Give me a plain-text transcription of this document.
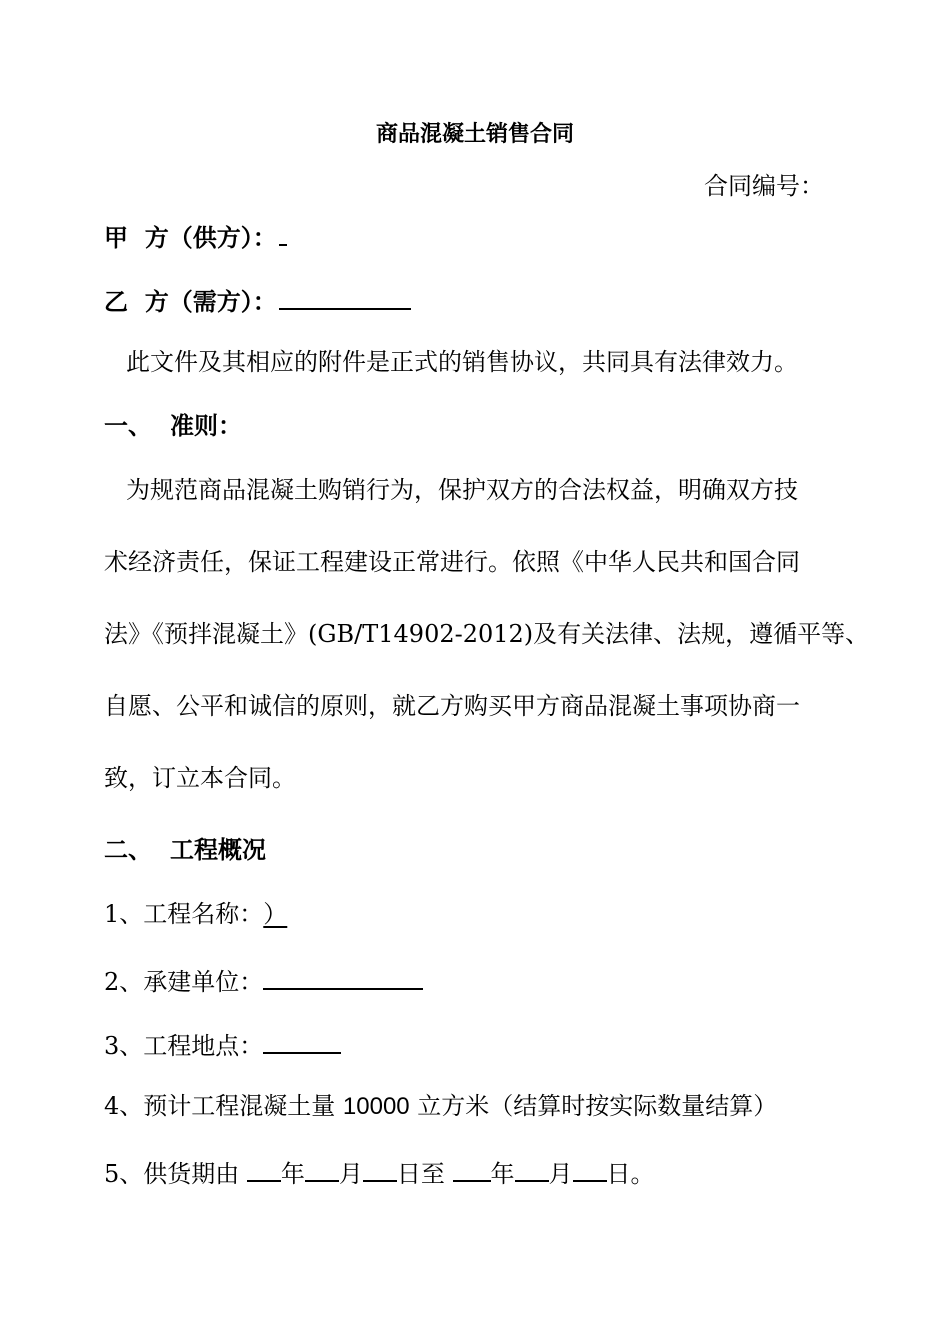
商品混凝土销售合同
合同编号：
甲  方（供方）：
乙  方（需方）：
此文件及其相应的附件是正式的销售协议，共同具有法律效力。
一、 准则：
为规范商品混凝土购销行为，保护双方的合法权益，明确双方技
术经济责任，保证工程建设正常进行。依照《中华人民共和国合同
法》《预拌混凝土》(GB/T14902-2012)及有关法律、法规，遵循平等、
自愿、公平和诚信的原则，就乙方购买甲方商品混凝土事项协商一
致，订立本合同。
二、 工程概况
1、工程名称：）
2、承建单位：
3、工程地点：
4、预计工程混凝土量 10000 立方米（结算时按实际数量结算）
5、供货期由 年 月 日至 年 月 日。
